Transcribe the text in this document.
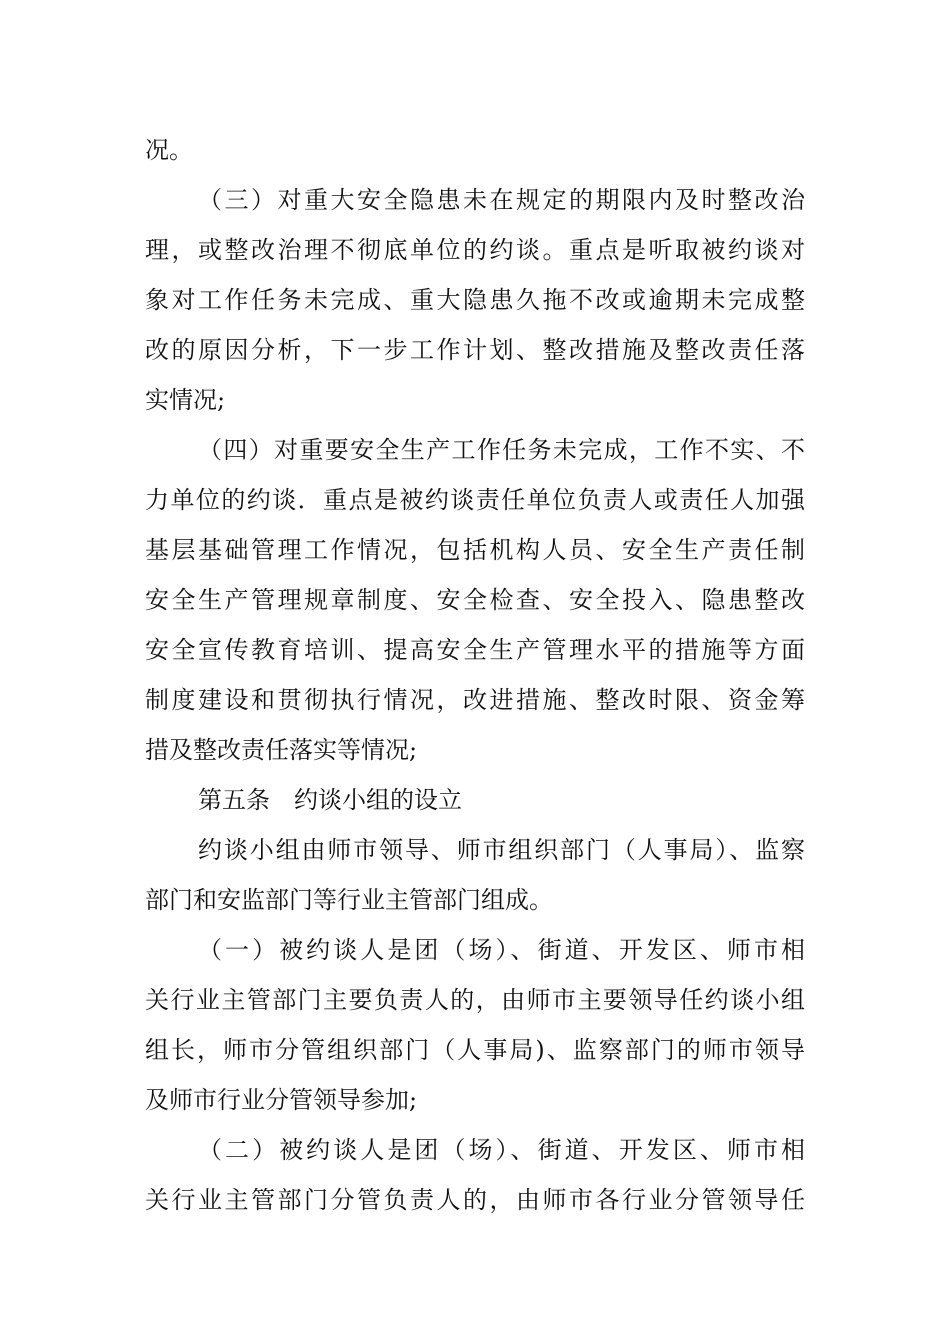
况。
（三）对重大安全隐患未在规定的期限内及时整改治
理，或整改治理不彻底单位的约谈。重点是听取被约谈对
象对工作任务未完成、重大隐患久拖不改或逾期未完成整
改的原因分析，下一步工作计划、整改措施及整改责任落
实情况;
（四）对重要安全生产工作任务未完成，工作不实、不
力单位的约谈．重点是被约谈责任单位负责人或责任人加强
基层基础管理工作情况，包括机构人员、安全生产责任制
安全生产管理规章制度、安全检查、安全投入、隐患整改
安全宣传教育培训、提高安全生产管理水平的措施等方面
制度建设和贯彻执行情况，改进措施、整改时限、资金筹
措及整改责任落实等情况;
第五条　约谈小组的设立
约谈小组由师市领导、师市组织部门（人事局）、监察
部门和安监部门等行业主管部门组成。
（一）被约谈人是团（场）、街道、开发区、师市相
关行业主管部门主要负责人的，由师市主要领导任约谈小组
组长，师市分管组织部门（人事局)、监察部门的师市领导
及师市行业分管领导参加;
（二）被约谈人是团（场）、街道、开发区、师市相
关行业主管部门分管负责人的，由师市各行业分管领导任
